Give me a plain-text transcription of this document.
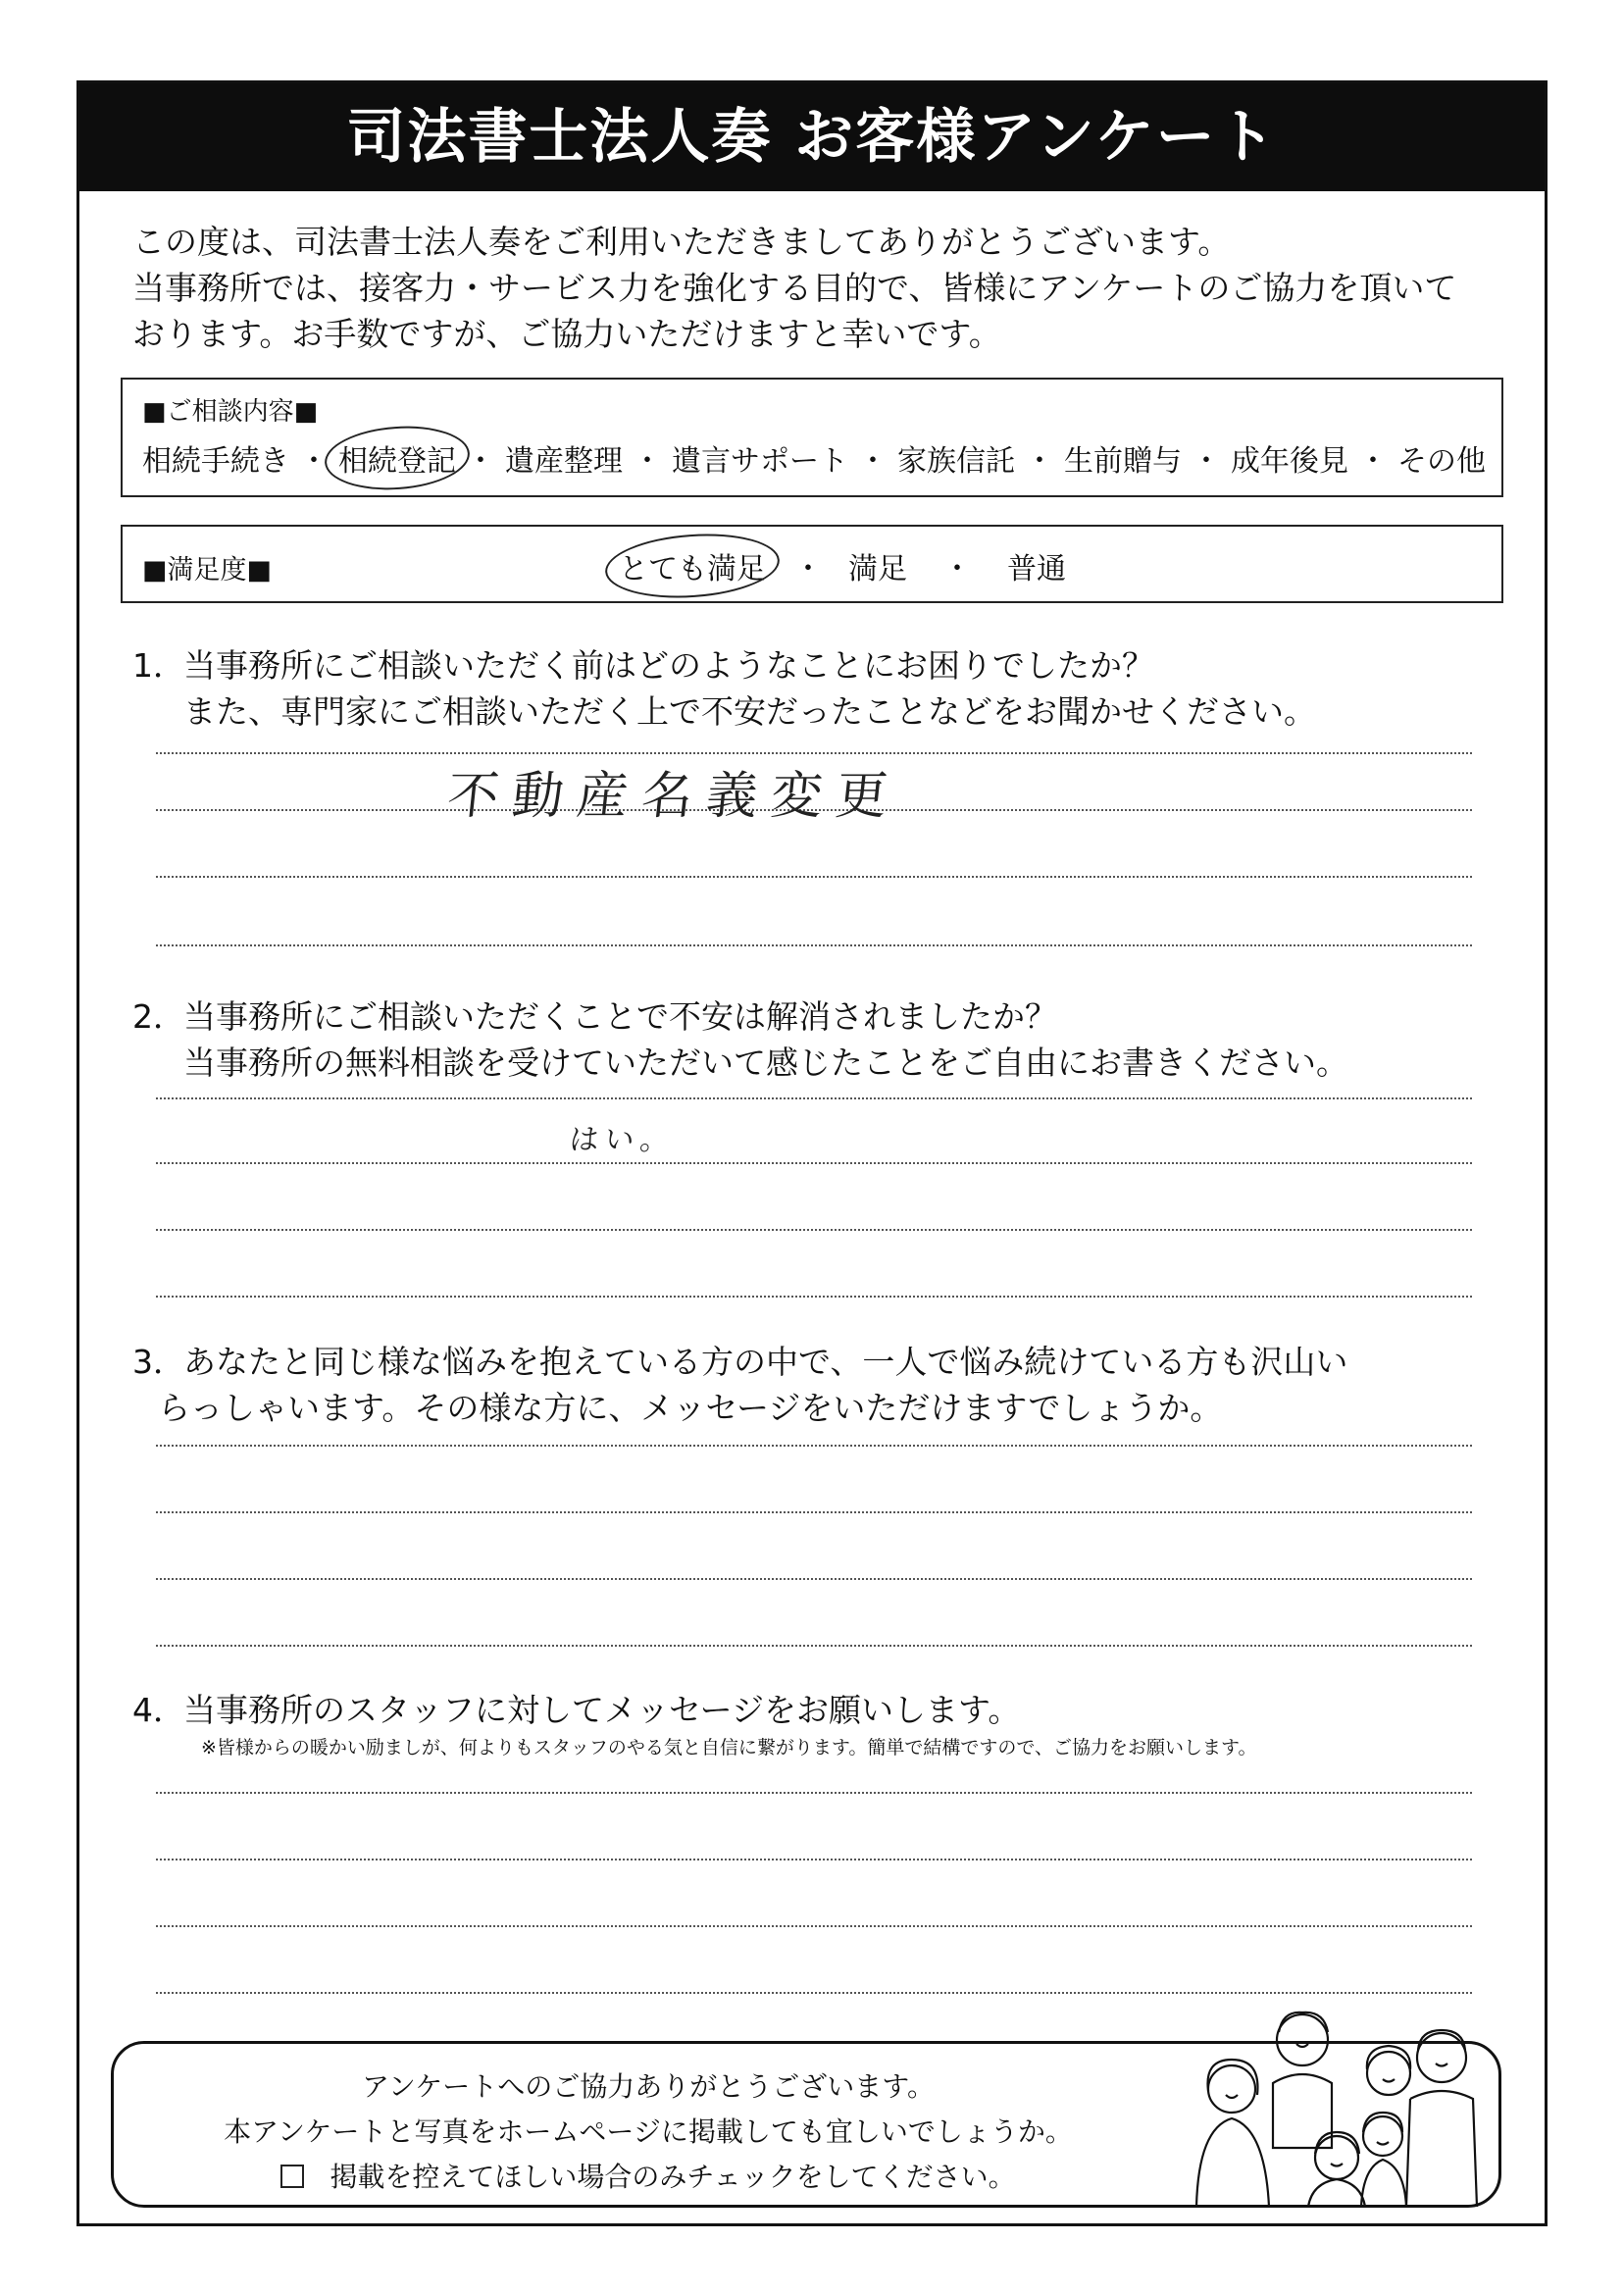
司法書士法人奏 お客様アンケート
この度は、司法書士法人奏をご利用いただきましてありがとうございます。
当事務所では、接客力・サービス力を強化する目的で、皆様にアンケートのご協力を頂いて
おります。お手数ですが、ご協力いただけますと幸いです。
■ご相談内容■
相続手続き ・ 相続登記 ・ 遺産整理 ・ 遺言サポート ・ 家族信託 ・ 生前贈与 ・ 成年後見 ・ その他
■満足度■	とても満足 ・ 満足 ・ 普通
1．当事務所にご相談いただく前はどのようなことにお困りでしたか？
また、専門家にご相談いただく上で不安だったことなどをお聞かせください。
不動産名義変更
2．当事務所にご相談いただくことで不安は解消されましたか？
当事務所の無料相談を受けていただいて感じたことをご自由にお書きください。
はい。
3．あなたと同じ様な悩みを抱えている方の中で、一人で悩み続けている方も沢山い
らっしゃいます。その様な方に、メッセージをいただけますでしょうか。
4．当事務所のスタッフに対してメッセージをお願いします。
※皆様からの暖かい励ましが、何よりもスタッフのやる気と自信に繋がります。簡単で結構ですので、ご協力をお願いします。
アンケートへのご協力ありがとうございます。
本アンケートと写真をホームページに掲載しても宜しいでしょうか。
掲載を控えてほしい場合のみチェックをしてください。
